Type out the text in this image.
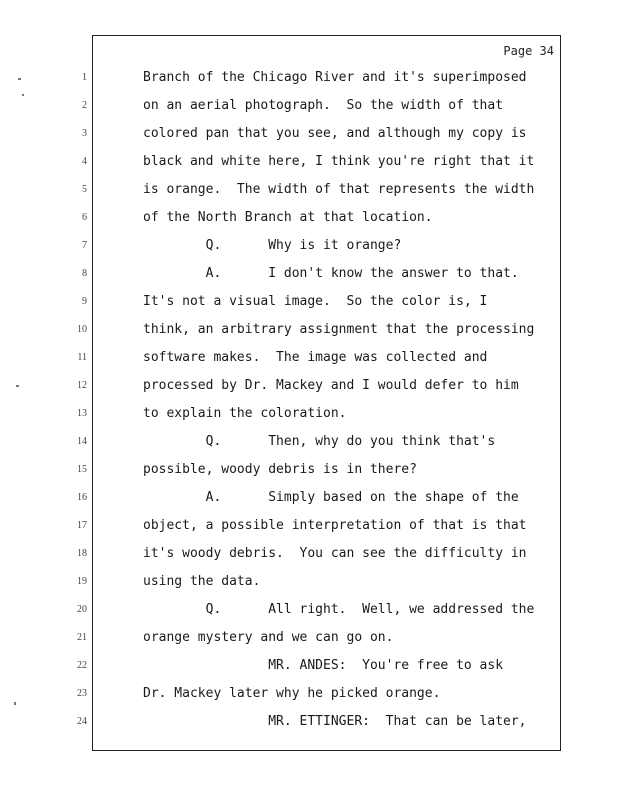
Page 34
1	Branch of the Chicago River and it's superimposed
2	on an aerial photograph.  So the width of that
3	colored pan that you see, and although my copy is
4	black and white here, I think you're right that it
5	is orange.  The width of that represents the width
6	of the North Branch at that location.
7	Q.      Why is it orange?
8	A.      I don't know the answer to that.
9	It's not a visual image.  So the color is, I
10	think, an arbitrary assignment that the processing
11	software makes.  The image was collected and
12	processed by Dr. Mackey and I would defer to him
13	to explain the coloration.
14	Q.      Then, why do you think that's
15	possible, woody debris is in there?
16	A.      Simply based on the shape of the
17	object, a possible interpretation of that is that
18	it's woody debris.  You can see the difficulty in
19	using the data.
20	Q.      All right.  Well, we addressed the
21	orange mystery and we can go on.
22	MR. ANDES:  You're free to ask
23	Dr. Mackey later why he picked orange.
24	MR. ETTINGER:  That can be later,
